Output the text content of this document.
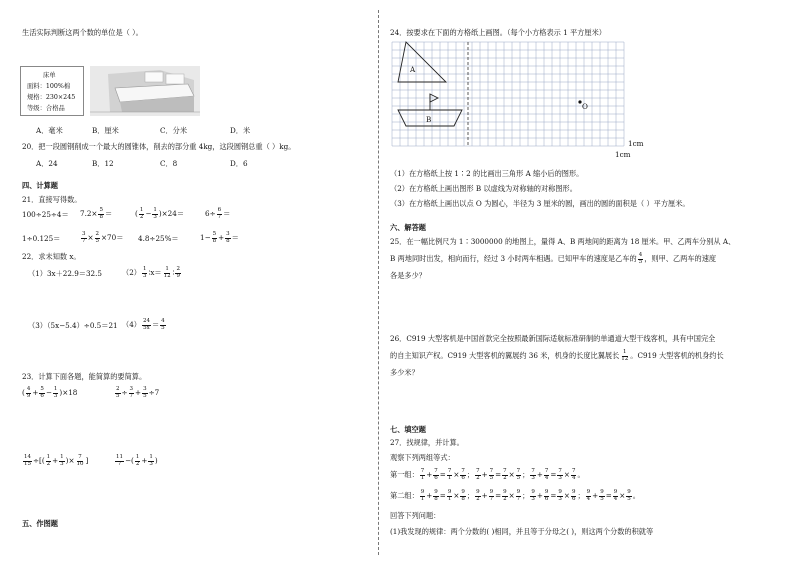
生活实际判断这两个数的单位是（ ）。
床单
面料：100%棉
规格：230×245
等级：合格品
A．毫米	B．厘米	C．分米	D．米
20．把一段圆钢削成一个最大的圆锥体，削去的部分重 4kg，这段圆钢总重（ ）kg。
A．24	B．12	C．8	D．6
四、计算题
21．直接写得数。
$100\div 25\div 4= 7.2\times \frac{5}{8}$ ＝	( $\frac{1}{2} - \frac{1}{3} )\times 24=$	$6\div \frac{6}{7}$ ＝
1÷0.125＝	$\frac{3}{7} \times \frac{2}{5} \times 70= 4.8\div 25\%=$	$1- \frac{5}{8} + \frac{3}{8}$ ＝
22．求未知数 x。
（1）3x＋22.9＝32.5	$(2) \frac{1}{3}$ ∶x＝ $\frac{1}{12}$ ∶ $\frac{2}{9}$
（3）（5x−5.4）÷0.5＝21 $(4) \frac{24}{5x} = \frac{4}{5}$
23．计算下面各题，能简算的要简算。
( $\frac{4}{9} + \frac{5}{6} - \frac{1}{3} )\times 18$	$\frac{2}{5} \div \frac{3}{7} + \frac{3}{5} \div 7$
$\frac{14}{15}$ ÷[( $\frac{1}{2} + \frac{1}{3}$ )× $\frac{7}{10}$ ]	$\frac{11}{7}$ −( $\frac{1}{2} + \frac{1}{3}$ )
五、作图题
24．按要求在下面的方格纸上画图。（每个小方格表示 1 平方厘米）
A
B
O
1cm
1cm
（1）在方格纸上按 1∶2 的比画出三角形 A 缩小后的图形。
（2）在方格纸上画出图形 B 以虚线为对称轴的对称图形。
（3）在方格纸上画出以点 O 为圆心，半径为 3 厘米的圆，画出的圆的面积是（ ）平方厘米。
六、解答题
25．在一幅比例尺为 1∶3000000 的地图上，量得 A、B 两地间的距离为 18 厘米。甲、乙两车分别从 A、
B 两地同时出发，相向而行，经过 3 小时两车相遇。已知甲车的速度是乙车的 $\frac{4}{5}$ ，则甲、乙两车的速度
各是多少？
26．C919 大型客机是中国首款完全按照最新国际适航标准研制的单通道大型干线客机，具有中国完全
的自主知识产权。C919 大型客机的翼展约 36 米，机身的长度比翼展长 $\frac{1}{12}$ 。C919 大型客机的机身约长
多少米？
七、填空题
27．找规律，并计算。
观察下列两组等式：
第一组： $\frac{7}{1} + \frac{7}{6} = \frac{7}{1} \times \frac{7}{6}$ ； $\frac{7}{2} + \frac{7}{5} = \frac{7}{2} \times \frac{7}{5}$ ； $\frac{7}{3} + \frac{7}{4} = \frac{7}{3} \times \frac{7}{4}$ 。
第二组： $\frac{9}{1} + \frac{9}{8} = \frac{9}{1} \times \frac{9}{8}$ ； $\frac{9}{2} + \frac{9}{7} = \frac{9}{2} \times \frac{9}{7}$ ； $\frac{9}{3} + \frac{9}{6} = \frac{9}{3} \times \frac{9}{6}$ ； $\frac{9}{4} + \frac{9}{5} = \frac{9}{4} \times \frac{9}{5}$ 。
回答下列问题：
(1)我发现的规律：两个分数的( )相同，并且等于分母之( )，则这两个分数的积就等
